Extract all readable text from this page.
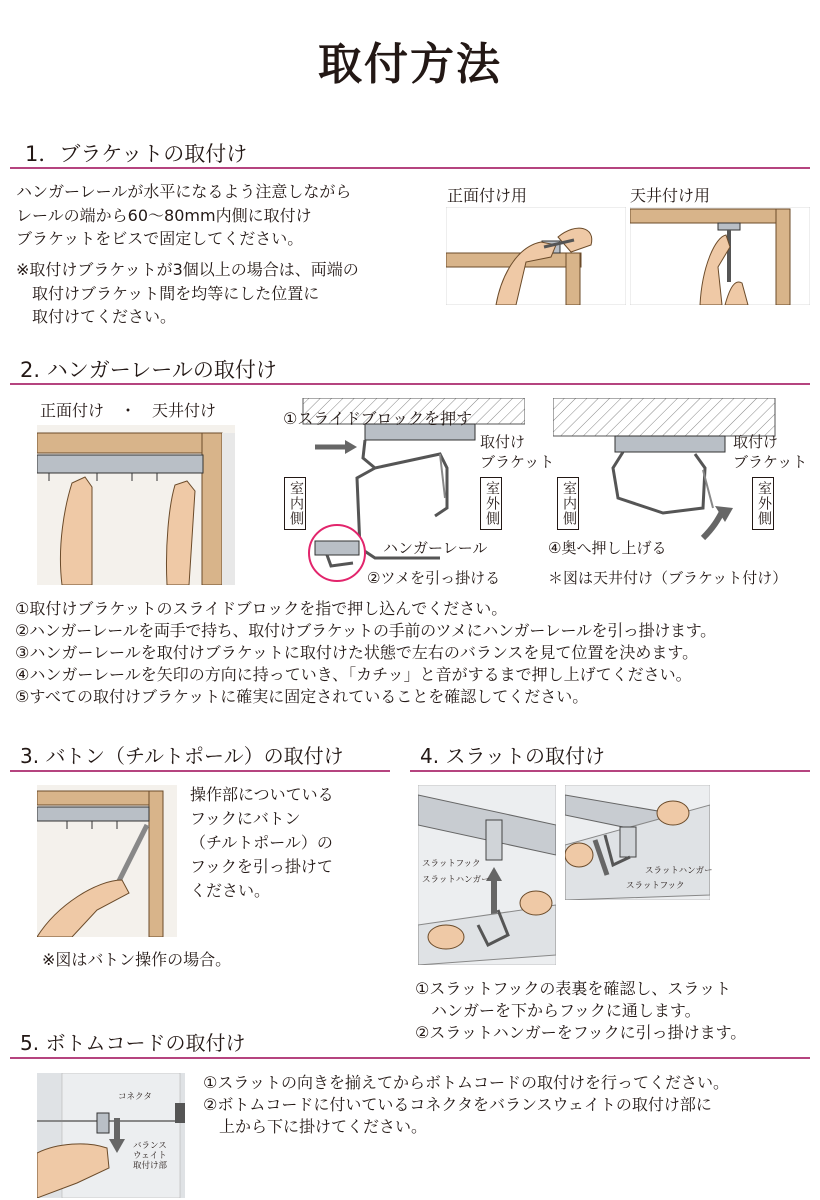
取付方法
1．ブラケットの取付け
ハンガーレールが水平になるよう注意しながら
レールの端から60〜80mm内側に取付け
ブラケットをビスで固定してください。
※取付けブラケットが3個以上の場合は、両端の
　取付けブラケット間を均等にした位置に
　取付けてください。
正面付け用	天井付け用
2. ハンガーレールの取付け
正面付け　・　天井付け	①スライドブロックを押す
取付け
ブラケット
室内側	室外側
ハンガーレール
②ツメを引っ掛ける
取付け
ブラケット
室内側	室外側
④奥へ押し上げる
＊図は天井付け（ブラケット付け）
①取付けブラケットのスライドブロックを指で押し込んでください。
②ハンガーレールを両手で持ち、取付けブラケットの手前のツメにハンガーレールを引っ掛けます。
③ハンガーレールを取付けブラケットに取付けた状態で左右のバランスを見て位置を決めます。
④ハンガーレールを矢印の方向に持っていき、「カチッ」と音がするまで押し上げてください。
⑤すべての取付けブラケットに確実に固定されていることを確認してください。
3. バトン（チルトポール）の取付け
操作部についている
フックにバトン
（チルトポール）の
フックを引っ掛けて
ください。
※図はバトン操作の場合。
4. スラットの取付け
スラットフック
スラットハンガー
スラットハンガー
スラットフック
①スラットフックの表裏を確認し、スラット
　ハンガーを下からフックに通します。
②スラットハンガーをフックに引っ掛けます。
5. ボトムコードの取付け
コネクタ
バランス
ウェイト
取付け部
①スラットの向きを揃えてからボトムコードの取付けを行ってください。
②ボトムコードに付いているコネクタをバランスウェイトの取付け部に
　上から下に掛けてください。
